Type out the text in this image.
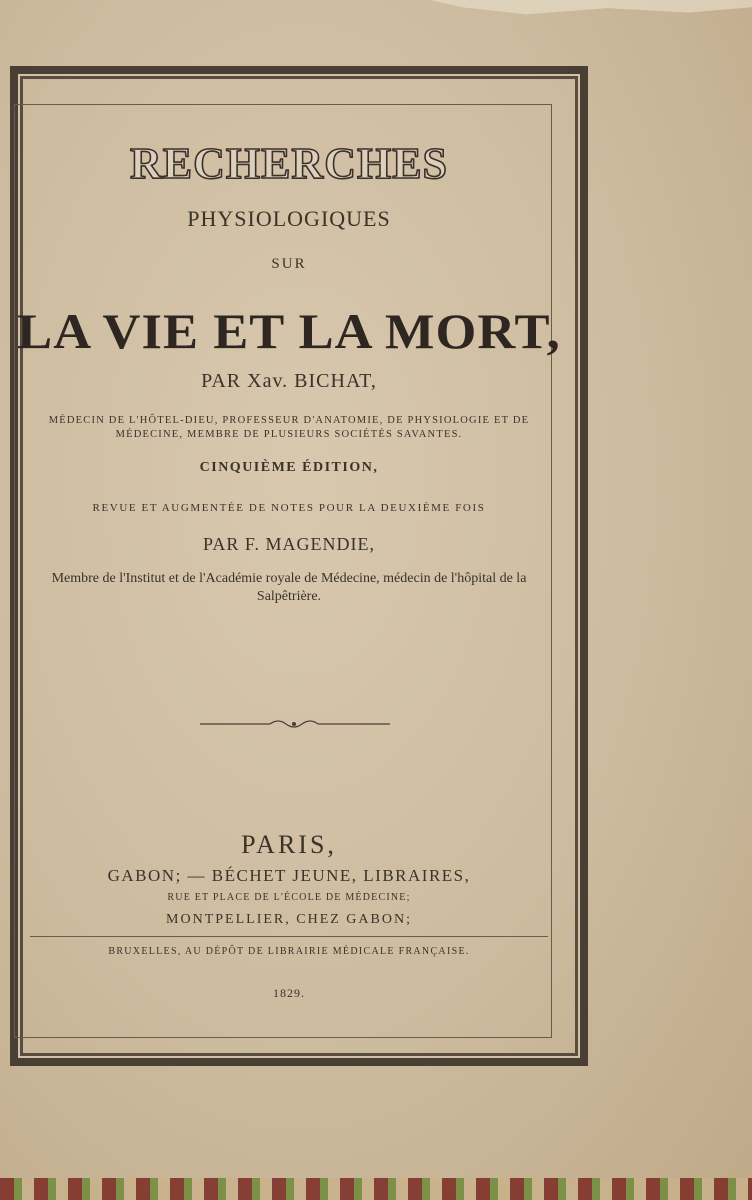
RECHERCHES
PHYSIOLOGIQUES
SUR
LA VIE ET LA MORT,
PAR Xav. BICHAT,
MÉDECIN DE L'HÔTEL-DIEU, PROFESSEUR D'ANATOMIE, DE PHYSIOLOGIE ET DE MÉDECINE, MEMBRE DE PLUSIEURS SOCIÉTÉS SAVANTES.
CINQUIÈME ÉDITION,
REVUE ET AUGMENTÉE DE NOTES POUR LA DEUXIÈME FOIS
PAR F. MAGENDIE,
Membre de l'Institut et de l'Académie royale de Médecine, médecin de l'hôpital de la Salpêtrière.
PARIS,
GABON; — BÉCHET JEUNE, LIBRAIRES,
RUE ET PLACE DE L'ÉCOLE DE MÉDECINE;
MONTPELLIER, CHEZ GABON;
BRUXELLES, AU DÉPÔT DE LIBRAIRIE MÉDICALE FRANÇAISE.
1829.
